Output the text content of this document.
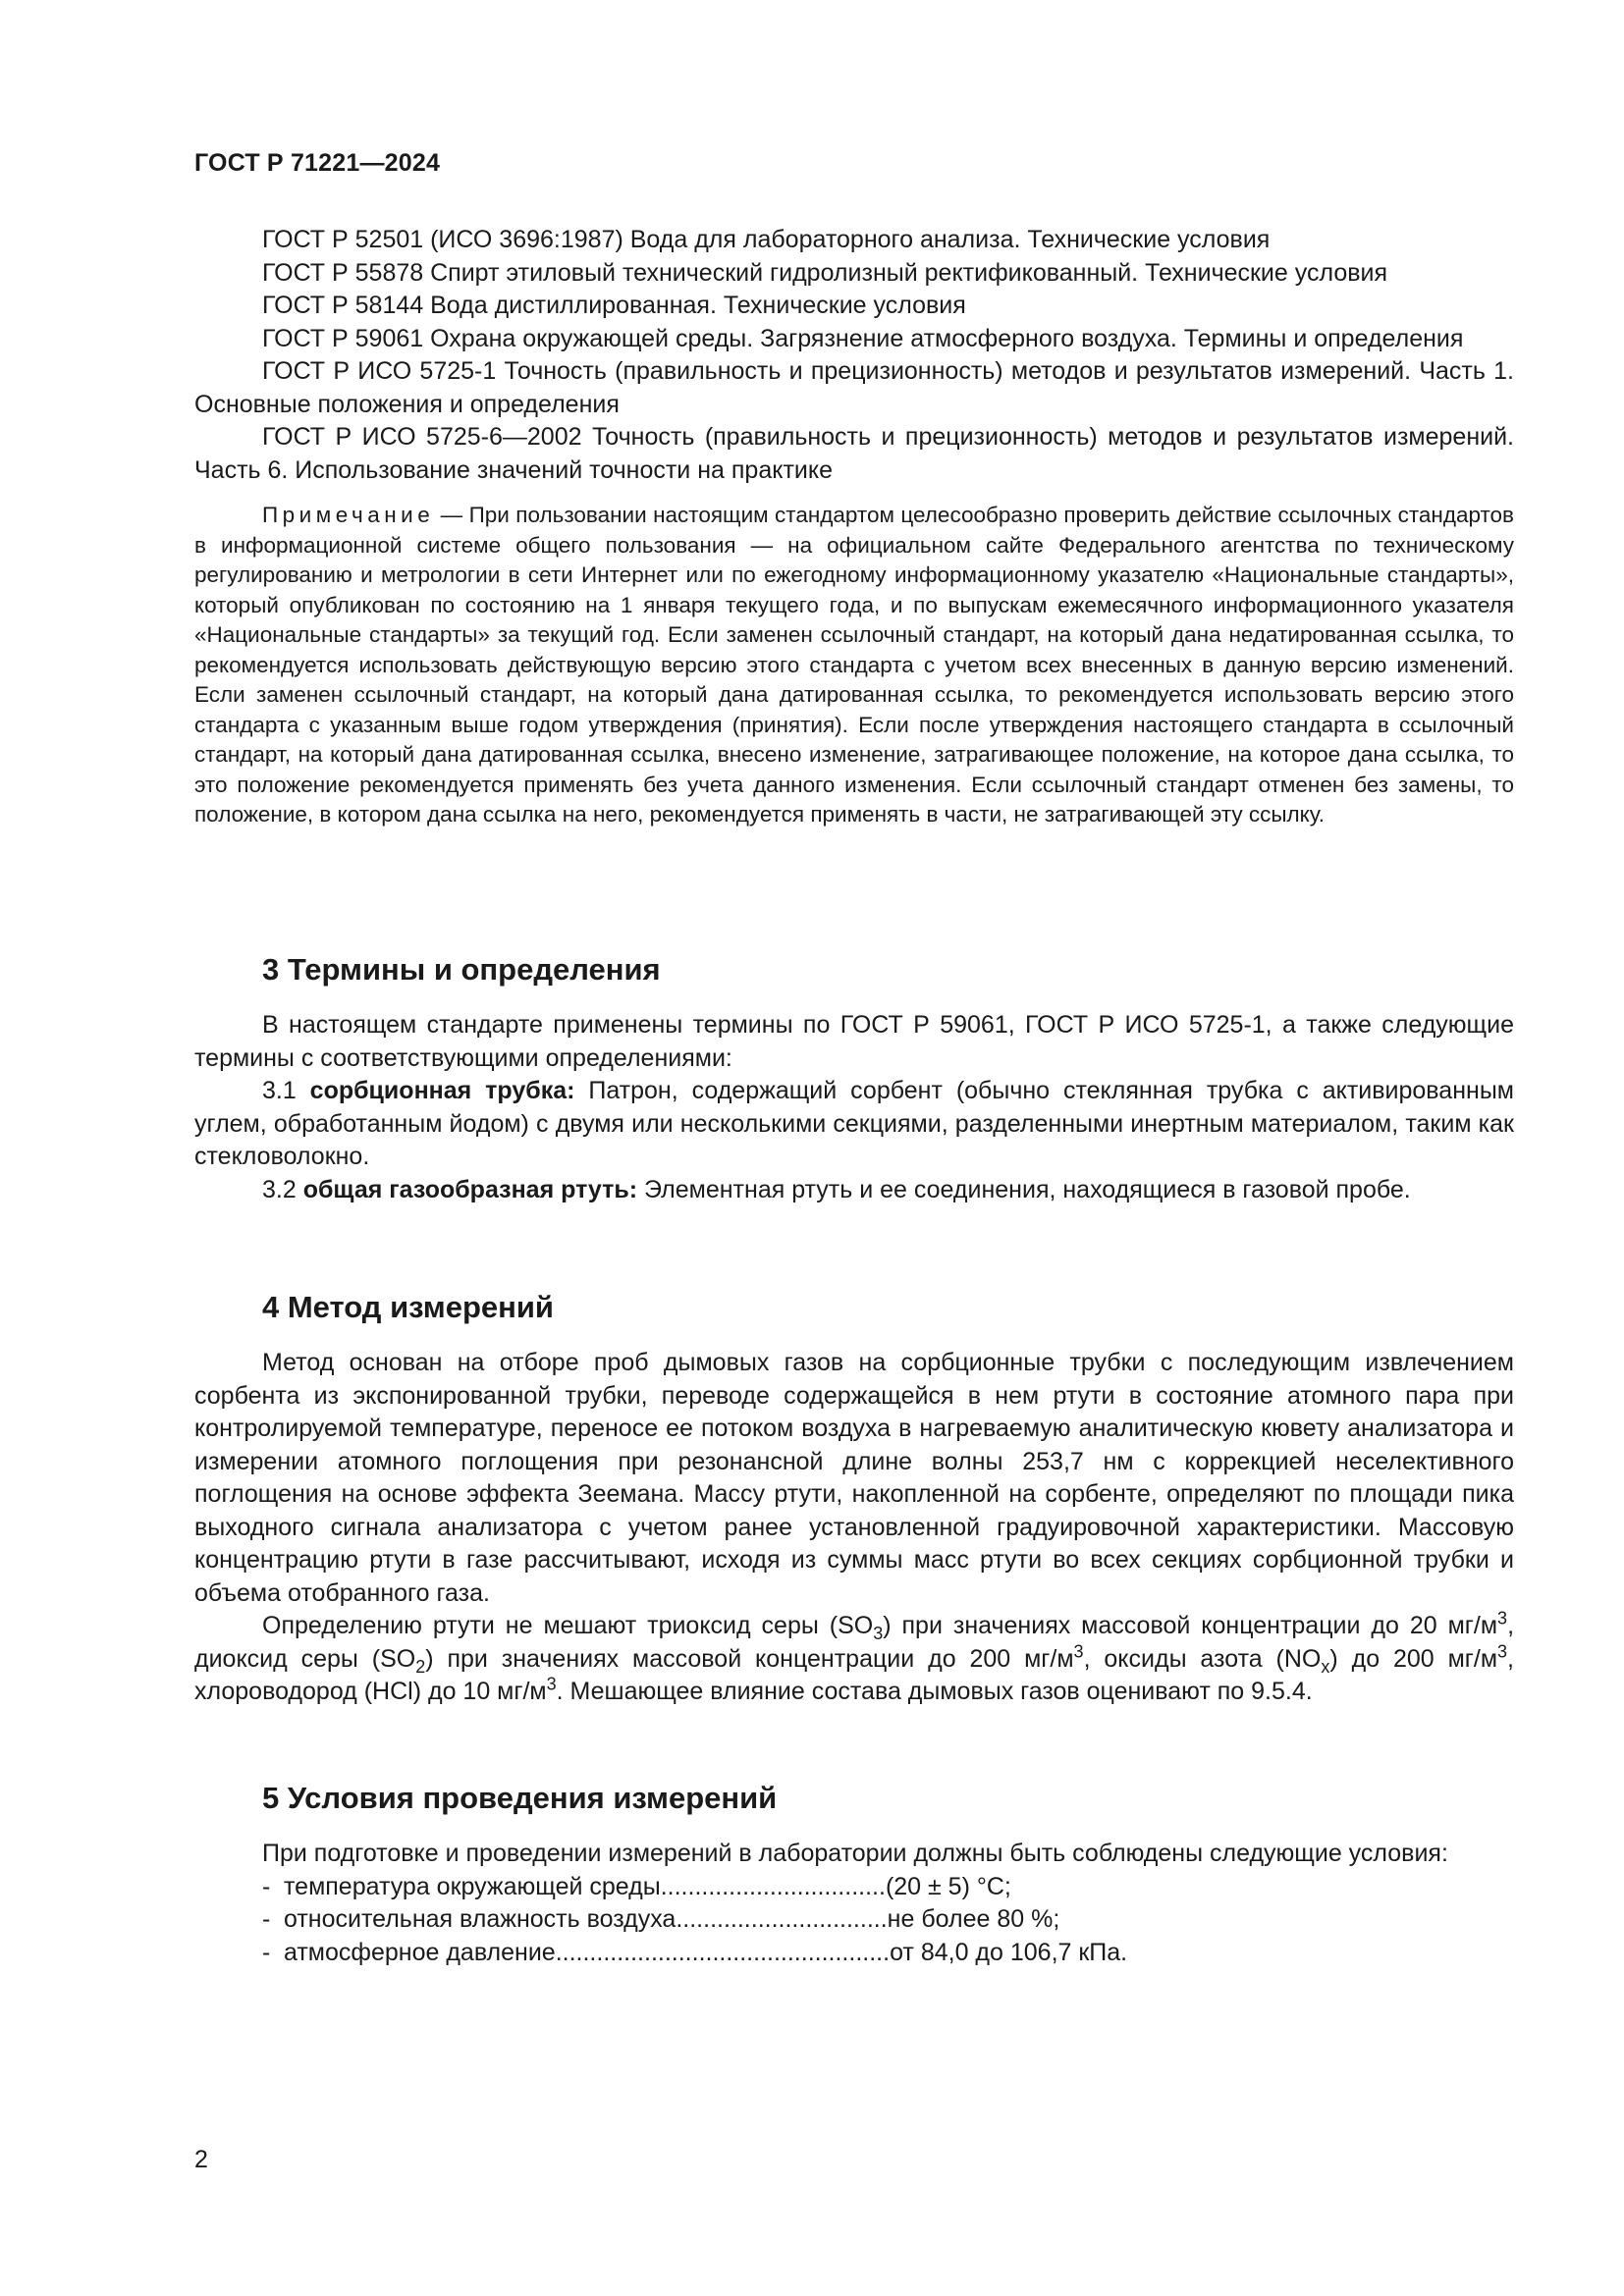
ГОСТ Р 71221—2024

ГОСТ Р 52501 (ИСО 3696:1987) Вода для лабораторного анализа. Технические условия

ГОСТ Р 55878 Спирт этиловый технический гидролизный ректификованный. Технические условия

ГОСТ Р 58144 Вода дистиллированная. Технические условия

ГОСТ Р 59061 Охрана окружающей среды. Загрязнение атмосферного воздуха. Термины и определения

ГОСТ Р ИСО 5725-1 Точность (правильность и прецизионность) методов и результатов измерений. Часть 1. Основные положения и определения

ГОСТ Р ИСО 5725-6—2002 Точность (правильность и прецизионность) методов и результатов измерений. Часть 6. Использование значений точности на практике

Примечание — При пользовании настоящим стандартом целесообразно проверить действие ссылочных стандартов в информационной системе общего пользования — на официальном сайте Федерального агентства по техническому регулированию и метрологии в сети Интернет или по ежегодному информационному указателю «Национальные стандарты», который опубликован по состоянию на 1 января текущего года, и по выпускам ежемесячного информационного указателя «Национальные стандарты» за текущий год. Если заменен ссылочный стандарт, на который дана недатированная ссылка, то рекомендуется использовать действующую версию этого стандарта с учетом всех внесенных в данную версию изменений. Если заменен ссылочный стандарт, на который дана датированная ссылка, то рекомендуется использовать версию этого стандарта с указанным выше годом утверждения (принятия). Если после утверждения настоящего стандарта в ссылочный стандарт, на который дана датированная ссылка, внесено изменение, затрагивающее положение, на которое дана ссылка, то это положение рекомендуется применять без учета данного изменения. Если ссылочный стандарт отменен без замены, то положение, в котором дана ссылка на него, рекомендуется применять в части, не затрагивающей эту ссылку.

3 Термины и определения

В настоящем стандарте применены термины по ГОСТ Р 59061, ГОСТ Р ИСО 5725-1, а также следующие термины с соответствующими определениями:

3.1 сорбционная трубка: Патрон, содержащий сорбент (обычно стеклянная трубка с активированным углем, обработанным йодом) с двумя или несколькими секциями, разделенными инертным материалом, таким как стекловолокно.

3.2 общая газообразная ртуть: Элементная ртуть и ее соединения, находящиеся в газовой пробе.

4 Метод измерений

Метод основан на отборе проб дымовых газов на сорбционные трубки с последующим извлечением сорбента из экспонированной трубки, переводе содержащейся в нем ртути в состояние атомного пара при контролируемой температуре, переносе ее потоком воздуха в нагреваемую аналитическую кювету анализатора и измерении атомного поглощения при резонансной длине волны 253,7 нм с коррекцией неселективного поглощения на основе эффекта Зеемана. Массу ртути, накопленной на сорбенте, определяют по площади пика выходного сигнала анализатора с учетом ранее установленной градуировочной характеристики. Массовую концентрацию ртути в газе рассчитывают, исходя из суммы масс ртути во всех секциях сорбционной трубки и объема отобранного газа.

Определению ртути не мешают триоксид серы $(SO_3)$ при значениях массовой концентрации до 20 $мг/м^3$, диоксид серы $(SO_2)$ при значениях массовой концентрации до 200 $мг/м^3$, оксиды азота $(NO_x)$ до 200 $мг/м^3$, хлороводород (HCl) до 10 $мг/м^3$. Мешающее влияние состава дымовых газов оценивают по 9.5.4.

5 Условия проведения измерений

При подготовке и проведении измерений в лаборатории должны быть соблюдены следующие условия:

- температура окружающей среды ................................. (20 ± 5) °С;
- относительная влажность воздуха ............................... не более 80 %;
- атмосферное давление ................................................. от 84,0 до 106,7 кПа.
2
